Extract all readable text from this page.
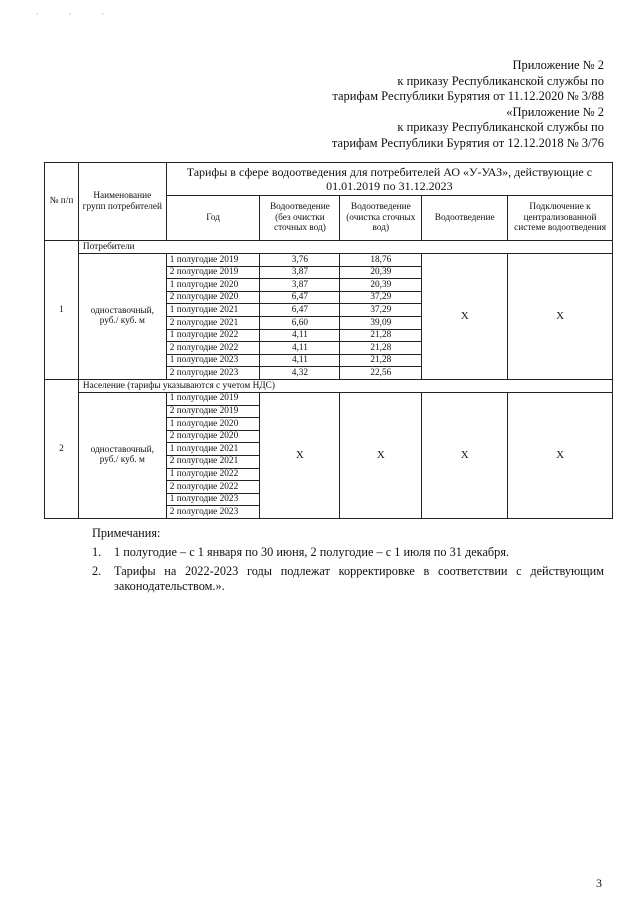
· · ·
Приложение № 2
к приказу Республиканской службы по
тарифам Республики Бурятия от 11.12.2020 № 3/88
«Приложение № 2
к приказу Республиканской службы по
тарифам Республики Бурятия от 12.12.2018 № 3/76
№ п/п	Наименование групп потребителей	Тарифы в сфере водоотведения для потребителей АО «У-УАЗ», действующие с 01.01.2019 по 31.12.2023				
		Год	Водоотведение (без очистки сточных вод)	Водоотведение (очистка сточных вод)	Водоотведение	Подключение к централизованной системе водоотведения
1	Потребители					
	одноставочный, руб./ куб. м	1 полугодие 2019	3,76	18,76	Х	Х
		2 полугодие 2019	3,87	20,39		
		1 полугодие 2020	3,87	20,39		
		2 полугодие 2020	6,47	37,29		
		1 полугодие 2021	6,47	37,29		
		2 полугодие 2021	6,60	39,09		
		1 полугодие 2022	4,11	21,28		
		2 полугодие 2022	4,11	21,28		
		1 полугодие 2023	4,11	21,28		
		2 полугодие 2023	4,32	22,56		
2	Население (тарифы указываются с учетом НДС)					
	одноставочный, руб./ куб. м	1 полугодие 2019	Х	Х	Х	Х
		2 полугодие 2019				
		1 полугодие 2020				
		2 полугодие 2020				
		1 полугодие 2021				
		2 полугодие 2021				
		1 полугодие 2022				
		2 полугодие 2022				
		1 полугодие 2023				
		2 полугодие 2023				
Примечания:
1.	1 полугодие – с 1 января по 30 июня, 2 полугодие – с 1 июля по 31 декабря.
2.	Тарифы на 2022-2023 годы подлежат корректировке в соответствии с действующим законодательством.».
3
